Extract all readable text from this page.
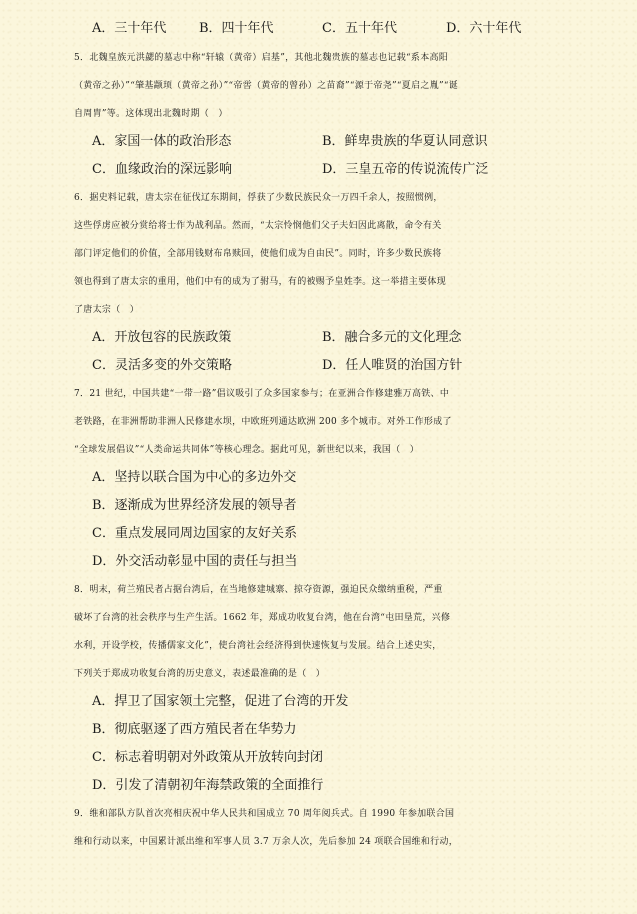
A．三十年代	B．四十年代	C．五十年代	D．六十年代
5．北魏皇族元洪勰的墓志中称“轩辕（黄帝）启基”，其他北魏贵族的墓志也记载“系本高阳
（黄帝之孙）”“肇基颛顼（黄帝之孙）”“帝喾（黄帝的曾孙）之苗裔”“源于帝尧”“夏启之胤”“诞
自周胄”等。这体现出北魏时期（　）
A．家国一体的政治形态	B．鲜卑贵族的华夏认同意识
C．血缘政治的深远影响	D．三皇五帝的传说流传广泛
6．据史料记载，唐太宗在征伐辽东期间，俘获了少数民族民众一万四千余人，按照惯例，
这些俘虏应被分赏给将士作为战利品。然而，“太宗怜悯他们父子夫妇因此离散，命令有关
部门评定他们的价值，全部用钱财布帛赎回，使他们成为自由民”。同时，许多少数民族将
领也得到了唐太宗的重用，他们中有的成为了驸马，有的被赐予皇姓李。这一举措主要体现
了唐太宗（　）
A．开放包容的民族政策	B．融合多元的文化理念
C．灵活多变的外交策略	D．任人唯贤的治国方针
7．21 世纪，中国共建“一带一路”倡议吸引了众多国家参与；在亚洲合作修建雅万高铁、中
老铁路，在非洲帮助非洲人民修建水坝，中欧班列通达欧洲 200 多个城市。对外工作形成了
“全球发展倡议”“人类命运共同体”等核心理念。据此可见，新世纪以来，我国（　）
A．坚持以联合国为中心的多边外交
B．逐渐成为世界经济发展的领导者
C．重点发展同周边国家的友好关系
D．外交活动彰显中国的责任与担当
8．明末，荷兰殖民者占据台湾后，在当地修建城寨、掠夺资源，强迫民众缴纳重税，严重
破坏了台湾的社会秩序与生产生活。1662 年，郑成功收复台湾，他在台湾“屯田垦荒，兴修
水利，开设学校，传播儒家文化”，使台湾社会经济得到快速恢复与发展。结合上述史实，
下列关于郑成功收复台湾的历史意义，表述最准确的是（　）
A．捍卫了国家领土完整，促进了台湾的开发
B．彻底驱逐了西方殖民者在华势力
C．标志着明朝对外政策从开放转向封闭
D．引发了清朝初年海禁政策的全面推行
9．维和部队方队首次亮相庆祝中华人民共和国成立 70 周年阅兵式。自 1990 年参加联合国
维和行动以来，中国累计派出维和军事人员 3.7 万余人次，先后参加 24 项联合国维和行动，
